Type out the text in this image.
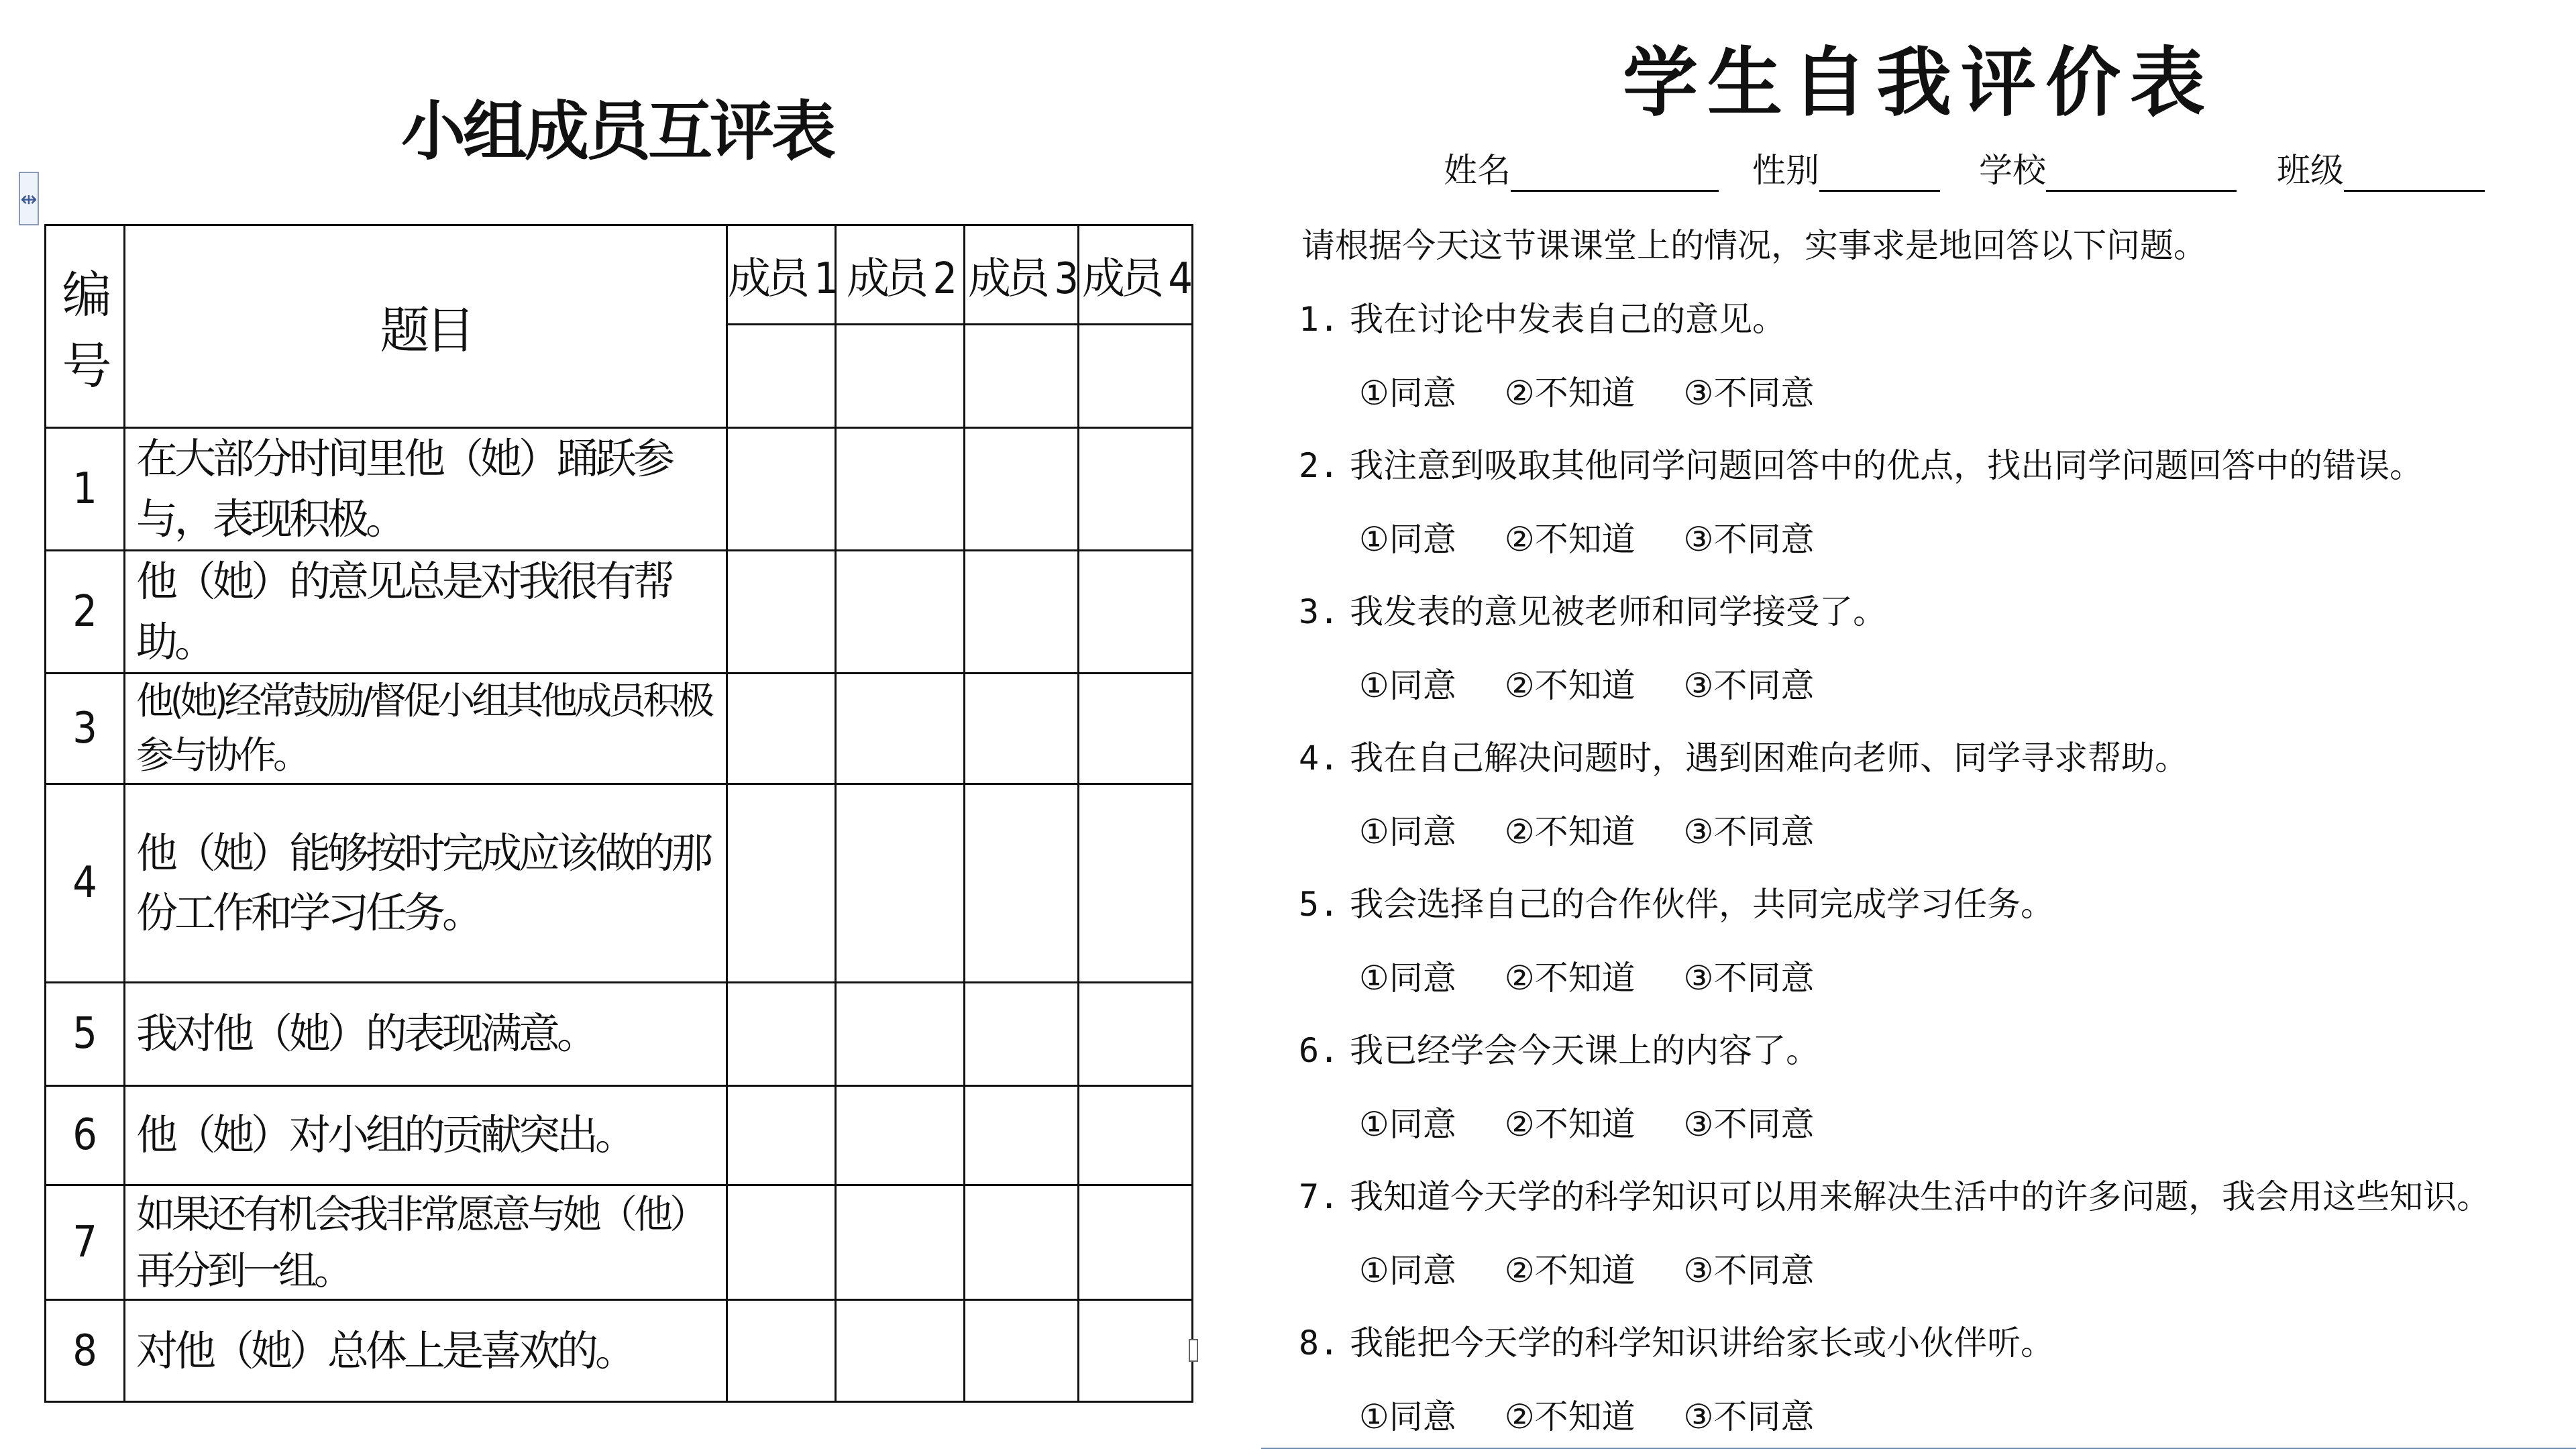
小组成员互评表
⇹
编号	题目	成员 1	成员 2	成员 3	成员 4

1	在大部分时间里他（她）踊跃参与，表现积极。				
2	他（她）的意见总是对我很有帮助。				
3	他(她)经常鼓励/督促小组其他成员积极参与协作。				
4	他（她）能够按时完成应该做的那份工作和学习任务。				
5	我对他（她）的表现满意。				
6	他（她）对小组的贡献突出。				
7	如果还有机会我非常愿意与她（他）再分到一组。				
8	对他（她）总体上是喜欢的。				
学生自我评价表
姓名	性别	学校	班级
请根据今天这节课课堂上的情况，实事求是地回答以下问题。
1. 我在讨论中发表自己的意见。
①同意 ②不知道 ③不同意
2. 我注意到吸取其他同学问题回答中的优点，找出同学问题回答中的错误。
①同意 ②不知道 ③不同意
3. 我发表的意见被老师和同学接受了。
①同意 ②不知道 ③不同意
4. 我在自己解决问题时，遇到困难向老师、同学寻求帮助。
①同意 ②不知道 ③不同意
5. 我会选择自己的合作伙伴，共同完成学习任务。
①同意 ②不知道 ③不同意
6. 我已经学会今天课上的内容了。
①同意 ②不知道 ③不同意
7. 我知道今天学的科学知识可以用来解决生活中的许多问题，我会用这些知识。
①同意 ②不知道 ③不同意
8. 我能把今天学的科学知识讲给家长或小伙伴听。
①同意 ②不知道 ③不同意
